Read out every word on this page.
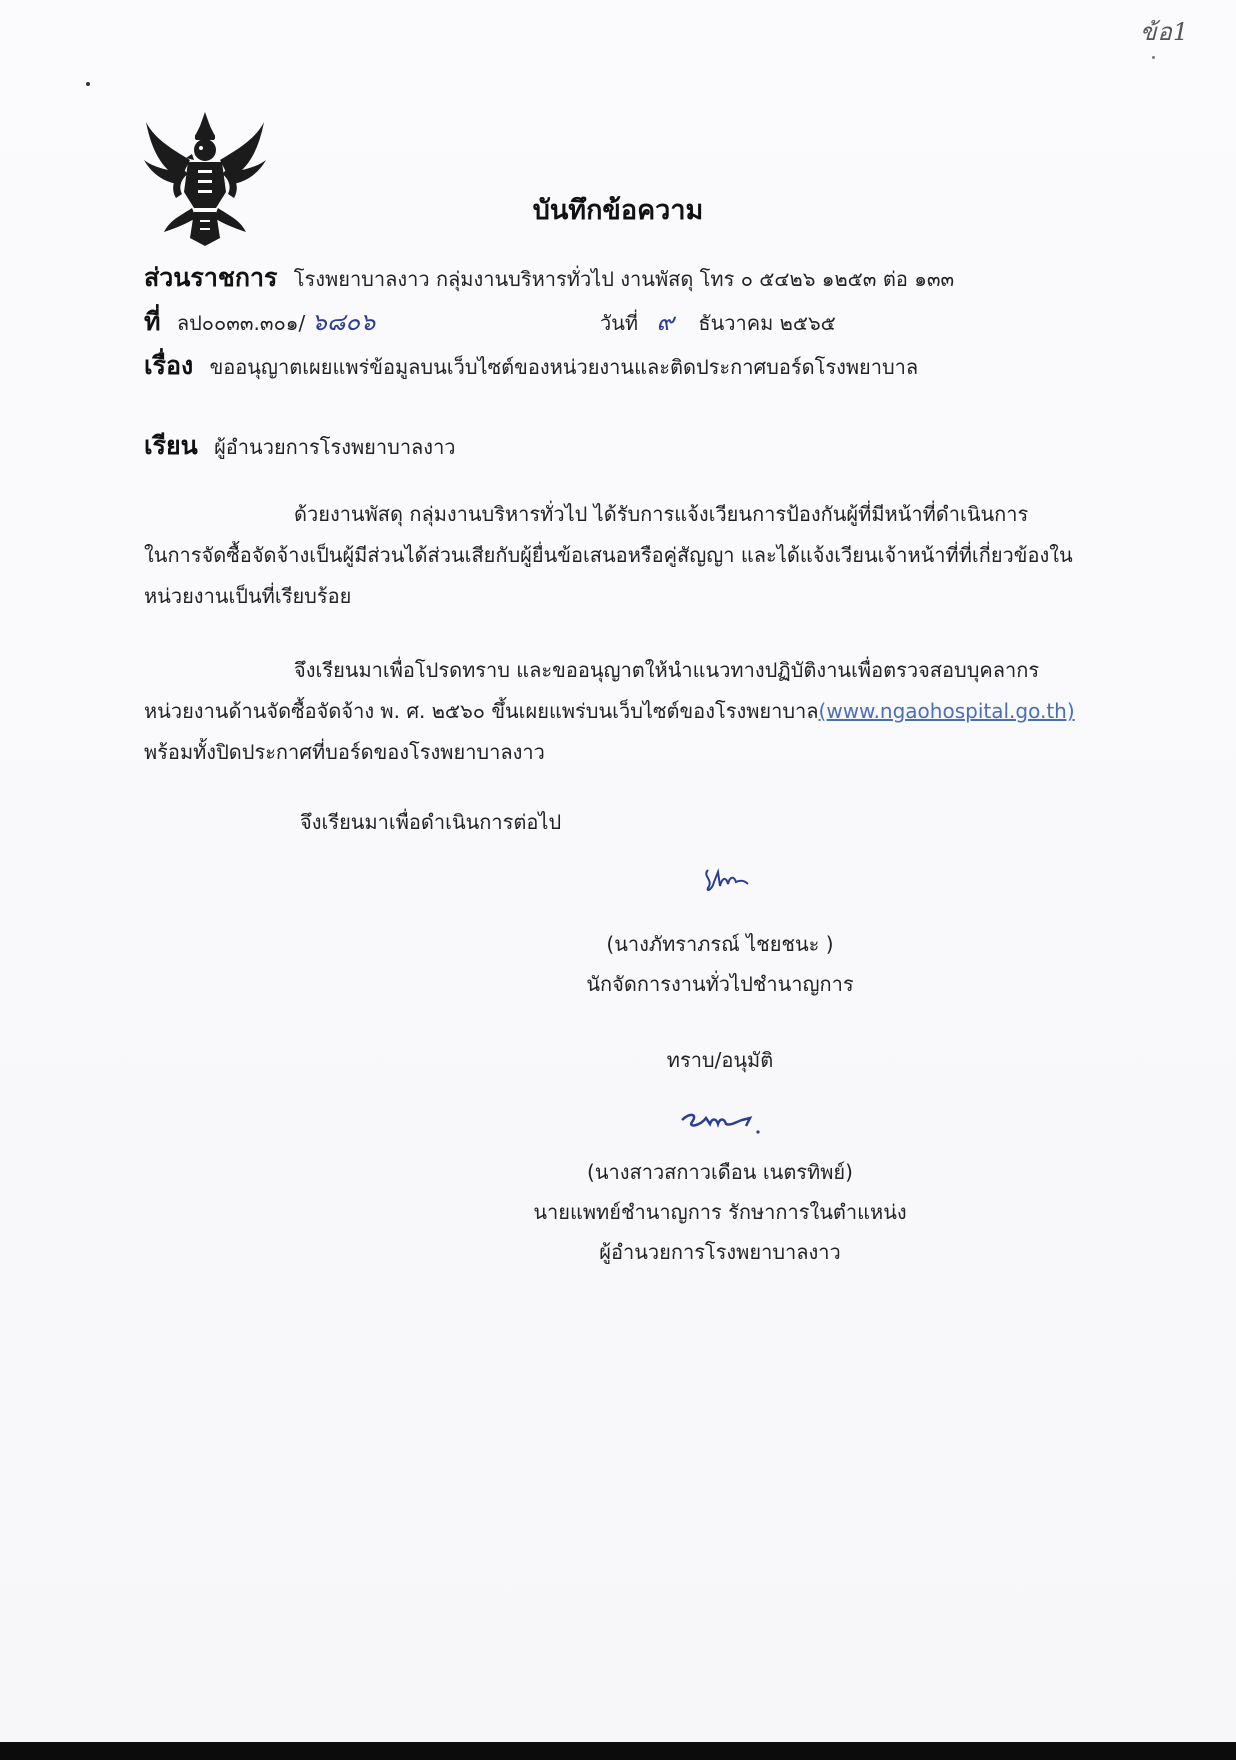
ข้อ1
บันทึกข้อความ
ส่วนราชการ โรงพยาบาลงาว กลุ่มงานบริหารทั่วไป งานพัสดุ โทร ๐ ๕๔๒๖ ๑๒๕๓ ต่อ ๑๓๓
ที่ ลป๐๐๓๓.๓๐๑/ ๖๘๐๖	วันที่ ๙ ธันวาคม ๒๕๖๕
เรื่อง ขออนุญาตเผยแพร่ข้อมูลบนเว็บไซต์ของหน่วยงานและติดประกาศบอร์ดโรงพยาบาล
เรียน ผู้อำนวยการโรงพยาบาลงาว
ด้วยงานพัสดุ กลุ่มงานบริหารทั่วไป ได้รับการแจ้งเวียนการป้องกันผู้ที่มีหน้าที่ดำเนินการ
ในการจัดซื้อจัดจ้างเป็นผู้มีส่วนได้ส่วนเสียกับผู้ยื่นข้อเสนอหรือคู่สัญญา และได้แจ้งเวียนเจ้าหน้าที่ที่เกี่ยวข้องใน
หน่วยงานเป็นที่เรียบร้อย
จึงเรียนมาเพื่อโปรดทราบ และขออนุญาตให้นำแนวทางปฏิบัติงานเพื่อตรวจสอบบุคลากร
หน่วยงานด้านจัดซื้อจัดจ้าง พ. ศ. ๒๕๖๐ ขึ้นเผยแพร่บนเว็บไซต์ของโรงพยาบาล(www.ngaohospital.go.th)
พร้อมทั้งปิดประกาศที่บอร์ดของโรงพยาบาลงาว
จึงเรียนมาเพื่อดำเนินการต่อไป
(นางภัทราภรณ์ ไชยชนะ )
นักจัดการงานทั่วไปชำนาญการ
ทราบ/อนุมัติ
(นางสาวสกาวเดือน เนตรทิพย์)
นายแพทย์ชำนาญการ รักษาการในตำแหน่ง
ผู้อำนวยการโรงพยาบาลงาว
